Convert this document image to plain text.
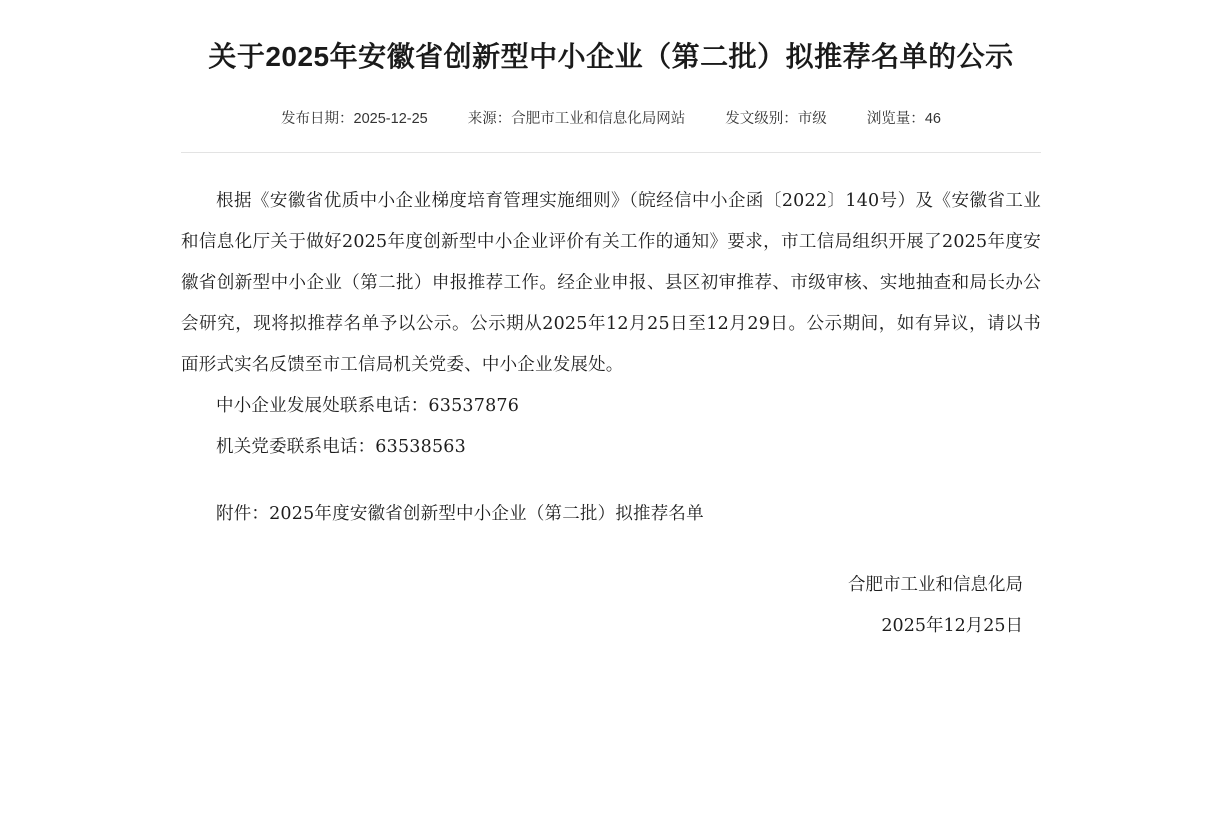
关于2025年安徽省创新型中小企业（第二批）拟推荐名单的公示
发布日期：2025-12-25	来源：合肥市工业和信息化局网站	发文级别：市级	浏览量：46

根据《安徽省优质中小企业梯度培育管理实施细则》（皖经信中小企函〔2022〕140号）及《安徽省工业和信息化厅关于做好2025年度创新型中小企业评价有关工作的通知》要求，市工信局组织开展了2025年度安徽省创新型中小企业（第二批）申报推荐工作。经企业申报、县区初审推荐、市级审核、实地抽查和局长办公会研究，现将拟推荐名单予以公示。公示期从2025年12月25日至12月29日。公示期间，如有异议，请以书面形式实名反馈至市工信局机关党委、中小企业发展处。

中小企业发展处联系电话：63537876

机关党委联系电话：63538563

附件：2025年度安徽省创新型中小企业（第二批）拟推荐名单

合肥市工业和信息化局
2025年12月25日
